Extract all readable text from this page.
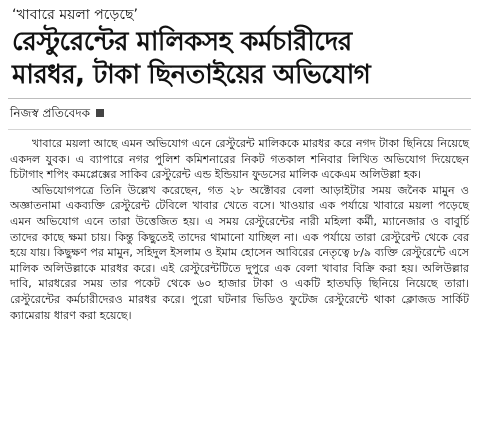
‘খাবারে ময়লা পড়েছে’
রেস্টুরেন্টের মালিকসহ কর্মচারীদের
মারধর, টাকা ছিনতাইয়ের অভিযোগ
নিজস্ব প্রতিবেদক

খাবারে ময়লা আছে এমন অভিযোগ এনে রেস্টুরেন্ট মালিককে মারধর করে নগদ টাকা ছিনিয়ে নিয়েছে একদল যুবক। এ ব্যাপারে নগর পুলিশ কমিশনারের নিকট গতকাল শনিবার লিখিত অভিযোগ দিয়েছেন চিটাগাং শপিং কমপ্লেক্সের সাকিব রেস্টুরেন্ট এন্ড ইন্ডিয়ান ফুডসের মালিক একেএম অলিউল্লা হক।

অভিযোগপত্রে তিনি উল্লেখ করেছেন, গত ২৮ অক্টোবর বেলা আড়াইটার সময় জনৈক মামুন ও অজ্ঞাতনামা একব্যক্তি রেস্টুরেন্ট টেবিলে খাবার খেতে বসে। খাওয়ার এক পর্যায়ে খাবারে ময়লা পড়েছে এমন অভিযোগ এনে তারা উত্তেজিত হয়। এ সময় রেস্টুরেন্টের নারী মহিলা কর্মী, ম্যানেজার ও বাবুর্চি তাদের কাছে ক্ষমা চায়। কিন্তু কিছুতেই তাদের থামানো যাচ্ছিল না। এক পর্যায়ে তারা রেস্টুরেন্ট থেকে বের হয়ে যায়। কিছুক্ষণ পর মামুন, সহিদুল ইসলাম ও ইমাম হোসেন আবিরের নেতৃত্বে ৮/৯ ব্যক্তি রেস্টুরেন্টে এসে মালিক অলিউল্লাকে মারধর করে। এই রেস্টুরেন্টটিতে দুপুরে এক বেলা খাবার বিক্রি করা হয়। অলিউল্লার দাবি, মারধরের সময় তার পকেট থেকে ৬০ হাজার টাকা ও একটি হাতঘড়ি ছিনিয়ে নিয়েছে তারা। রেস্টুরেন্টের কর্মচারীদেরও মারধর করে। পুরো ঘটনার ভিডিও ফুটেজ রেস্টুরেন্টে থাকা ক্লোজড সার্কিট ক্যামেরায় ধারণ করা হয়েছে।
